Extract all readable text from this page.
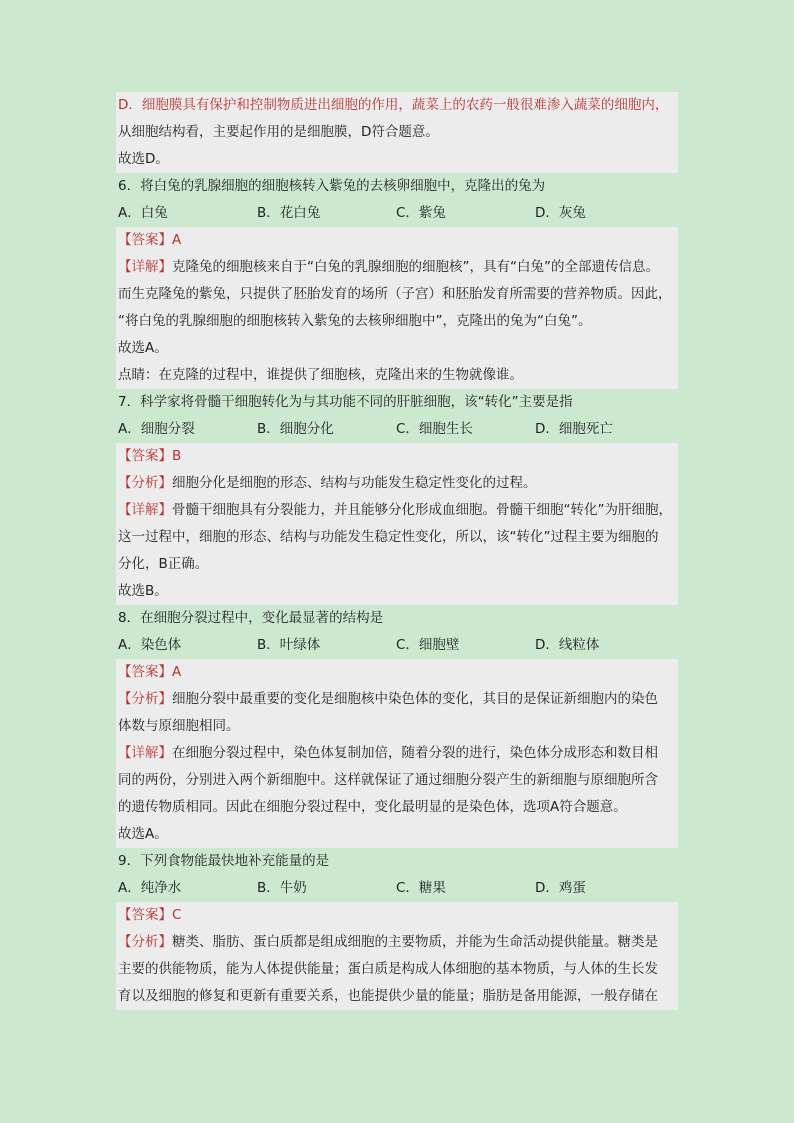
D．细胞膜具有保护和控制物质进出细胞的作用，蔬菜上的农药一般很难渗入蔬菜的细胞内，
从细胞结构看，主要起作用的是细胞膜，D符合题意。
故选D。
6．将白兔的乳腺细胞的细胞核转入紫兔的去核卵细胞中，克隆出的兔为
A．白兔	B．花白兔	C．紫兔	D．灰兔
【答案】A
【详解】克隆兔的细胞核来自于“白兔的乳腺细胞的细胞核”，具有“白兔”的全部遗传信息。
而生克隆兔的紫兔，只提供了胚胎发育的场所（子宫）和胚胎发育所需要的营养物质。因此，
“将白兔的乳腺细胞的细胞核转入紫兔的去核卵细胞中”，克隆出的兔为“白兔”。
故选A。
点睛：在克隆的过程中，谁提供了细胞核，克隆出来的生物就像谁。
7．科学家将骨髓干细胞转化为与其功能不同的肝脏细胞，该“转化”主要是指
A．细胞分裂	B．细胞分化	C．细胞生长	D．细胞死亡
【答案】B
【分析】细胞分化是细胞的形态、结构与功能发生稳定性变化的过程。
【详解】骨髓干细胞具有分裂能力，并且能够分化形成血细胞。骨髓干细胞“转化”为肝细胞，
这一过程中，细胞的形态、结构与功能发生稳定性变化，所以，该“转化”过程主要为细胞的
分化，B正确。
故选B。
8．在细胞分裂过程中，变化最显著的结构是
A．染色体	B．叶绿体	C．细胞壁	D．线粒体
【答案】A
【分析】细胞分裂中最重要的变化是细胞核中染色体的变化，其目的是保证新细胞内的染色
体数与原细胞相同。
【详解】在细胞分裂过程中，染色体复制加倍，随着分裂的进行，染色体分成形态和数目相
同的两份，分别进入两个新细胞中。这样就保证了通过细胞分裂产生的新细胞与原细胞所含
的遗传物质相同。因此在细胞分裂过程中，变化最明显的是染色体，选项A符合题意。
故选A。
9．下列食物能最快地补充能量的是
A．纯净水	B．牛奶	C．糖果	D．鸡蛋
【答案】C
【分析】糖类、脂肪、蛋白质都是组成细胞的主要物质，并能为生命活动提供能量。糖类是
主要的供能物质，能为人体提供能量；蛋白质是构成人体细胞的基本物质，与人体的生长发
育以及细胞的修复和更新有重要关系，也能提供少量的能量；脂肪是备用能源，一般存储在
